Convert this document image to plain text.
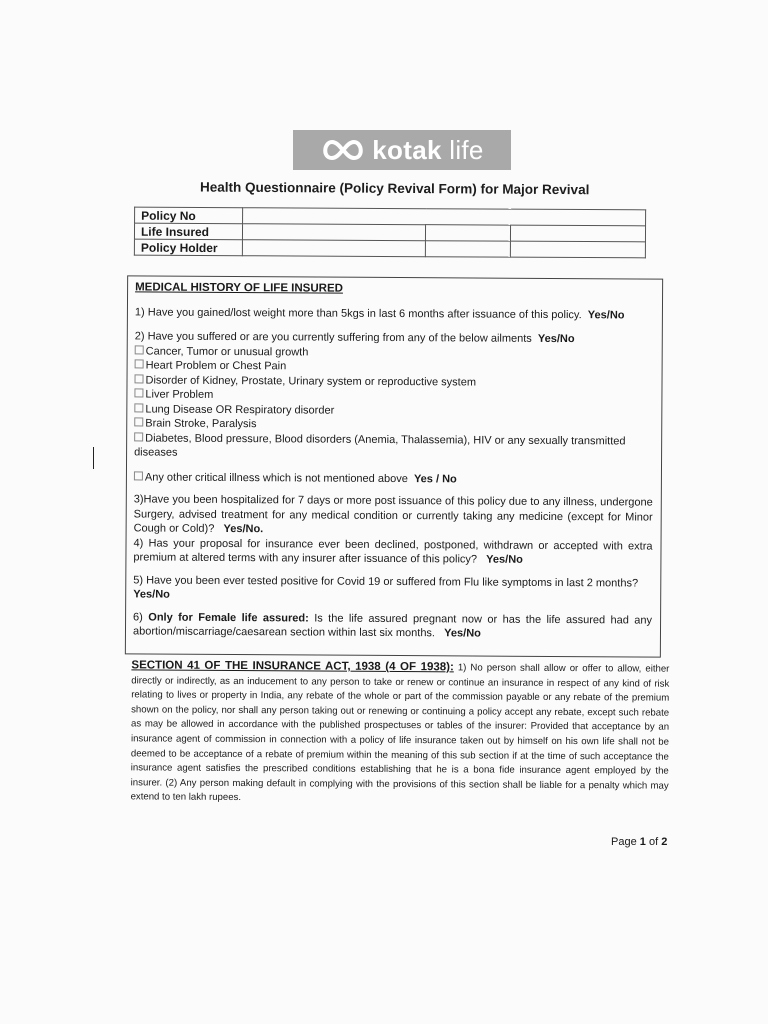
kotak life
Health Questionnaire (Policy Revival Form) for Major Revival
Policy No			
Life Insured			
Policy Holder			
MEDICAL HISTORY OF LIFE INSURED

1) Have you gained/lost weight more than 5kgs in last 6 months after issuance of this policy. Yes/No

2) Have you suffered or are you currently suffering from any of the below ailments Yes/No

Cancer, Tumor or unusual growth
Heart Problem or Chest Pain
Disorder of Kidney, Prostate, Urinary system or reproductive system
Liver Problem
Lung Disease OR Respiratory disorder
Brain Stroke, Paralysis
Diabetes, Blood pressure, Blood disorders (Anemia, Thalassemia), HIV or any sexually transmitted diseases

Any other critical illness which is not mentioned above Yes / No

3)Have you been hospitalized for 7 days or more post issuance of this policy due to any illness, undergone Surgery, advised treatment for any medical condition or currently taking any medicine (except for Minor Cough or Cold)? Yes/No.

4) Has your proposal for insurance ever been declined, postponed, withdrawn or accepted with extra premium at altered terms with any insurer after issuance of this policy? Yes/No

5) Have you been ever tested positive for Covid 19 or suffered from Flu like symptoms in last 2 months?
Yes/No

6) Only for Female life assured: Is the life assured pregnant now or has the life assured had any abortion/miscarriage/caesarean section within last six months. Yes/No

SECTION 41 OF THE INSURANCE ACT, 1938 (4 OF 1938): 1) No person shall allow or offer to allow, either directly or indirectly, as an inducement to any person to take or renew or continue an insurance in respect of any kind of risk relating to lives or property in India, any rebate of the whole or part of the commission payable or any rebate of the premium shown on the policy, nor shall any person taking out or renewing or continuing a policy accept any rebate, except such rebate as may be allowed in accordance with the published prospectuses or tables of the insurer: Provided that acceptance by an insurance agent of commission in connection with a policy of life insurance taken out by himself on his own life shall not be deemed to be acceptance of a rebate of premium within the meaning of this sub section if at the time of such acceptance the insurance agent satisfies the prescribed conditions establishing that he is a bona fide insurance agent employed by the insurer. (2) Any person making default in complying with the provisions of this section shall be liable for a penalty which may extend to ten lakh rupees.
Page 1 of 2
